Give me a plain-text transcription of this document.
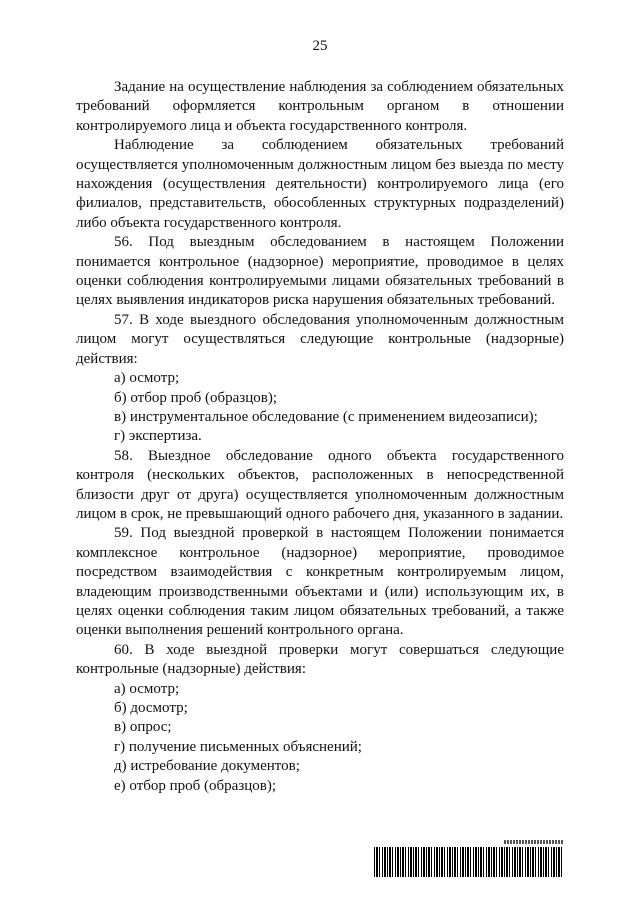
25

Задание на осуществление наблюдения за соблюдением обязательных требований оформляется контрольным органом в отношении контролируемого лица и объекта государственного контроля.

Наблюдение за соблюдением обязательных требований осуществляется уполномоченным должностным лицом без выезда по месту нахождения (осуществления деятельности) контролируемого лица (его филиалов, представительств, обособленных структурных подразделений) либо объекта государственного контроля.

56. Под выездным обследованием в настоящем Положении понимается контрольное (надзорное) мероприятие, проводимое в целях оценки соблюдения контролируемыми лицами обязательных требований в целях выявления индикаторов риска нарушения обязательных требований.

57. В ходе выездного обследования уполномоченным должностным лицом могут осуществляться следующие контрольные (надзорные) действия:

а) осмотр;

б) отбор проб (образцов);

в) инструментальное обследование (с применением видеозаписи);

г) экспертиза.

58. Выездное обследование одного объекта государственного контроля (нескольких объектов, расположенных в непосредственной близости друг от друга) осуществляется уполномоченным должностным лицом в срок, не превышающий одного рабочего дня, указанного в задании.

59. Под выездной проверкой в настоящем Положении понимается комплексное контрольное (надзорное) мероприятие, проводимое посредством взаимодействия с конкретным контролируемым лицом, владеющим производственными объектами и (или) использующим их, в целях оценки соблюдения таким лицом обязательных требований, а также оценки выполнения решений контрольного органа.

60. В ходе выездной проверки могут совершаться следующие контрольные (надзорные) действия:

а) осмотр;

б) досмотр;

в) опрос;

г) получение письменных объяснений;

д) истребование документов;

е) отбор проб (образцов);
